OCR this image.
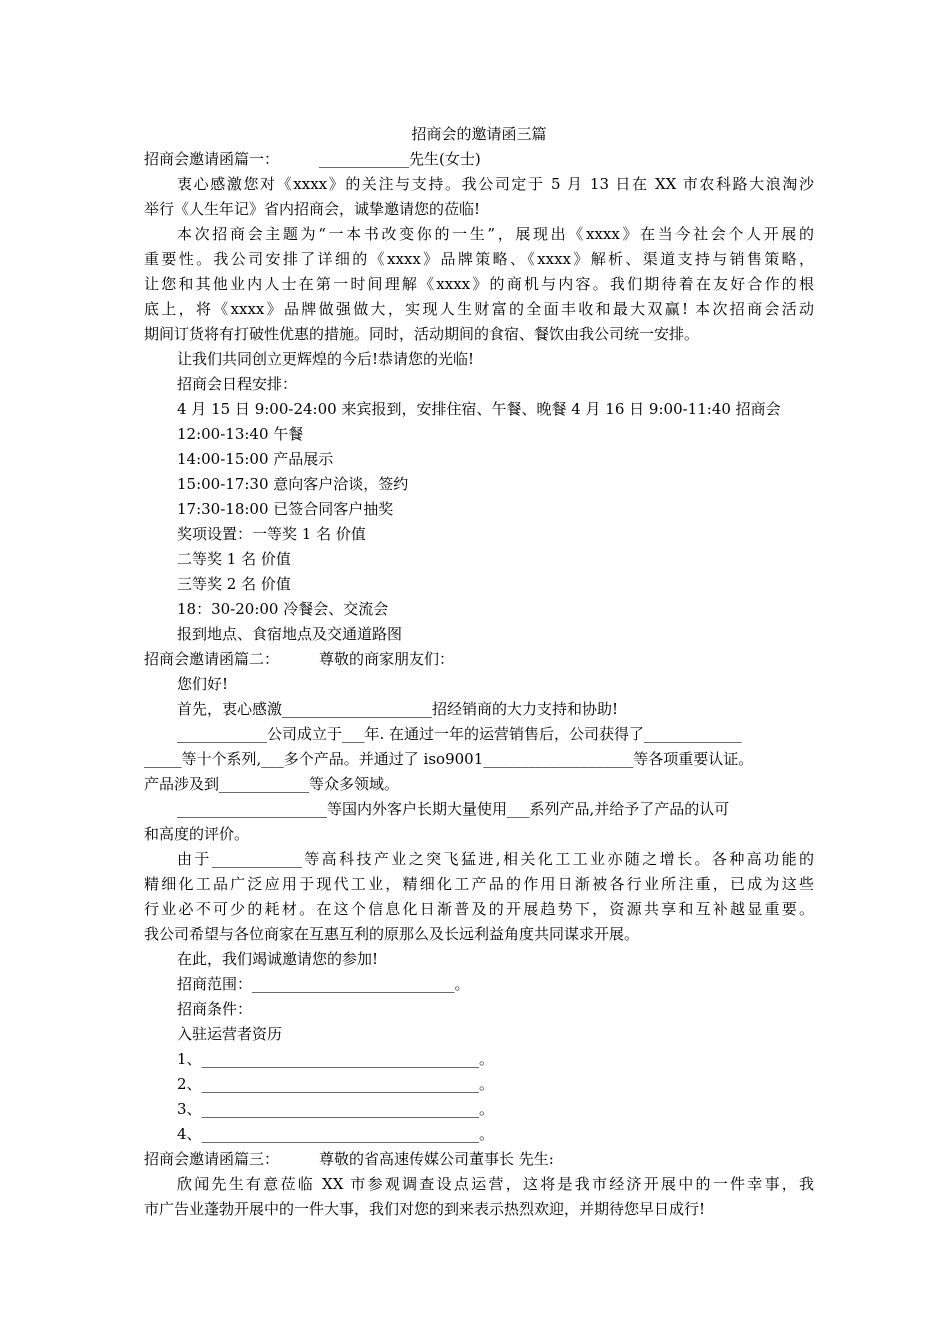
招商会的邀请函三篇
招商会邀请函篇一：	____________先生(女士)
衷心感激您对《xxxx》的关注与支持。我公司定于 5 月 13 日在 XX 市农科路大浪淘沙
举行《人生年记》省内招商会，诚挚邀请您的莅临!
本次招商会主题为“一本书改变你的一生”，展现出《xxxx》在当今社会个人开展的
重要性。我公司安排了详细的《xxxx》品牌策略、《xxxx》解析、渠道支持与销售策略，
让您和其他业内人士在第一时间理解《xxxx》的商机与内容。我们期待着在友好合作的根
底上，将《xxxx》品牌做强做大，实现人生财富的全面丰收和最大双赢! 本次招商会活动
期间订货将有打破性优惠的措施。同时，活动期间的食宿、餐饮由我公司统一安排。
让我们共同创立更辉煌的今后!恭请您的光临!
招商会日程安排：
4 月 15 日 9:00-24:00 来宾报到，安排住宿、午餐、晚餐 4 月 16 日 9:00-11:40 招商会
12:00-13:40 午餐
14:00-15:00 产品展示
15:00-17:30 意向客户洽谈，签约
17:30-18:00 已签合同客户抽奖
奖项设置：一等奖 1 名 价值
二等奖 1 名 价值
三等奖 2 名 价值
18：30-20:00 冷餐会、交流会
报到地点、食宿地点及交通道路图
招商会邀请函篇二：	尊敬的商家朋友们：
您们好!
首先，衷心感激____________________招经销商的大力支持和协助!
____________公司成立于___年. 在通过一年的运营销售后，公司获得了_____________
_____等十个系列,___多个产品。并通过了 iso9001____________________等各项重要认证。
产品涉及到____________等众多领域。
____________________等国内外客户长期大量使用___系列产品,并给予了产品的认可
和高度的评价。
由于____________等高科技产业之突飞猛进,相关化工工业亦随之增长。各种高功能的
精细化工品广泛应用于现代工业，精细化工产品的作用日渐被各行业所注重，已成为这些
行业必不可少的耗材。在这个信息化日渐普及的开展趋势下，资源共享和互补越显重要。
我公司希望与各位商家在互惠互利的原那么及长远利益角度共同谋求开展。
在此，我们竭诚邀请您的参加!
招商范围：___________________________。
招商条件：
入驻运营者资历
1、_____________________________________。
2、_____________________________________。
3、_____________________________________。
4、_____________________________________。
招商会邀请函篇三：	尊敬的省高速传媒公司董事长 先生:
欣闻先生有意莅临 XX 市参观调查设点运营，这将是我市经济开展中的一件幸事，我
市广告业蓬勃开展中的一件大事，我们对您的到来表示热烈欢迎，并期待您早日成行!
